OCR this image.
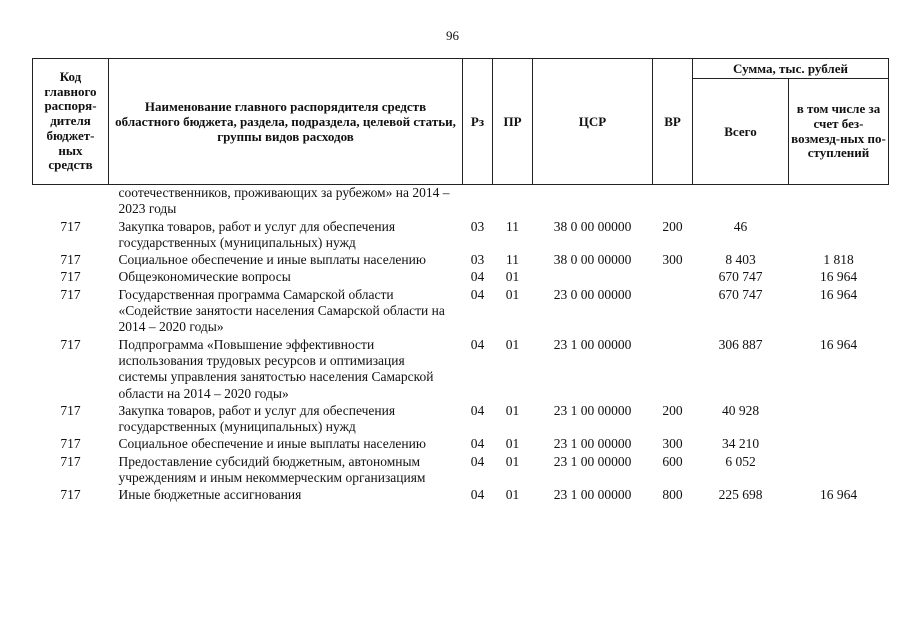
96
Код главного распоря-дителя бюджет-ных средств	Наименование главного распорядителя средств областного бюджета, раздела, подраздела, целевой статьи, группы видов расходов	Рз	ПР	ЦСР	ВР	Сумма, тыс. рублей	
						Всего	в том числе за счет без-возмезд-ных по-ступлений
	соотечественников, проживающих за рубежом» на 2014 – 2023 годы						
717	Закупка товаров, работ и услуг для обеспечения государственных (муниципальных) нужд	03	11	38 0 00 00000	200	46	
717	Социальное обеспечение и иные выплаты населению	03	11	38 0 00 00000	300	8 403	1 818
717	Общеэкономические вопросы	04	01			670 747	16 964
717	Государственная программа Самарской области «Содействие занятости населения Самарской области на 2014 – 2020 годы»	04	01	23 0 00 00000		670 747	16 964
717	Подпрограмма «Повышение эффективности использования трудовых ресурсов и оптимизация системы управления занятостью населения Самарской области на 2014 – 2020 годы»	04	01	23 1 00 00000		306 887	16 964
717	Закупка товаров, работ и услуг для обеспечения государственных (муниципальных) нужд	04	01	23 1 00 00000	200	40 928	
717	Социальное обеспечение и иные выплаты населению	04	01	23 1 00 00000	300	34 210	
717	Предоставление субсидий бюджетным, автономным учреждениям и иным некоммерческим организациям	04	01	23 1 00 00000	600	6 052	
717	Иные бюджетные ассигнования	04	01	23 1 00 00000	800	225 698	16 964
